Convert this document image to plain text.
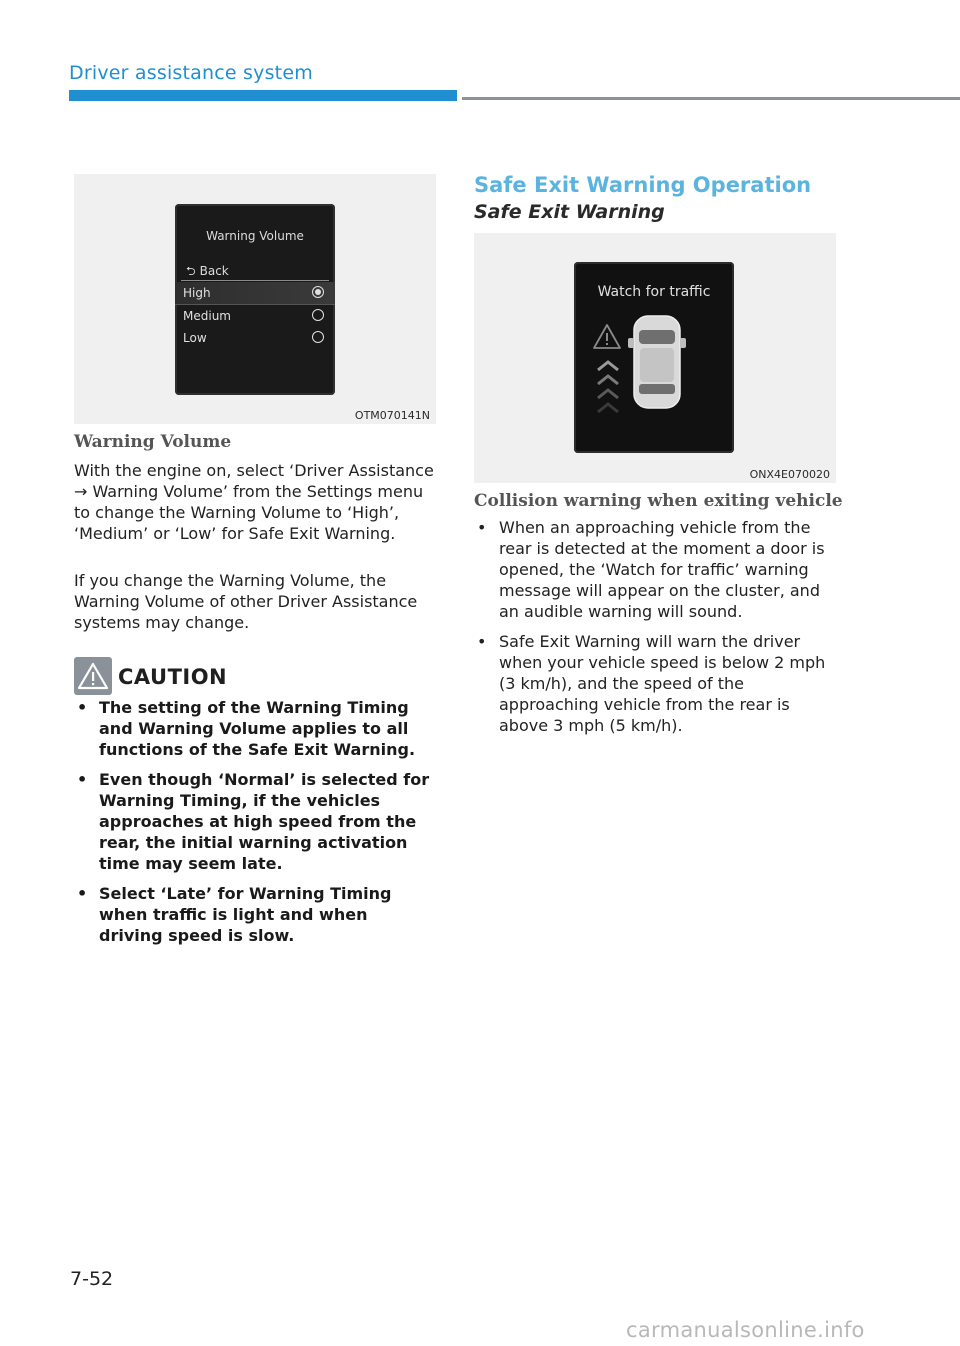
Driver assistance system
Warning Volume
⮌ Back
High
Medium
Low
OTM070141N
Warning Volume

With the engine on, select ‘Driver Assistance → Warning Volume’ from the Settings menu to change the Warning Volume to ‘High’, ‘Medium’ or ‘Low’ for Safe Exit Warning.

If you change the Warning Volume, the Warning Volume of other Driver Assistance systems may change.

CAUTION
• The setting of the Warning Timing and Warning Volume applies to all functions of the Safe Exit Warning.
• Even though ‘Normal’ is selected for Warning Timing, if the vehicles approaches at high speed from the rear, the initial warning activation time may seem late.
• Select ‘Late’ for Warning Timing when traffic is light and when driving speed is slow.
Safe Exit Warning Operation
Safe Exit Warning
Watch for traffic
ONX4E070020
Collision warning when exiting vehicle
• When an approaching vehicle from the rear is detected at the moment a door is opened, the ‘Watch for traffic’ warning message will appear on the cluster, and an audible warning will sound.
• Safe Exit Warning will warn the driver when your vehicle speed is below 2 mph (3 km/h), and the speed of the approaching vehicle from the rear is above 3 mph (5 km/h).
7-52
carmanualsonline.info
